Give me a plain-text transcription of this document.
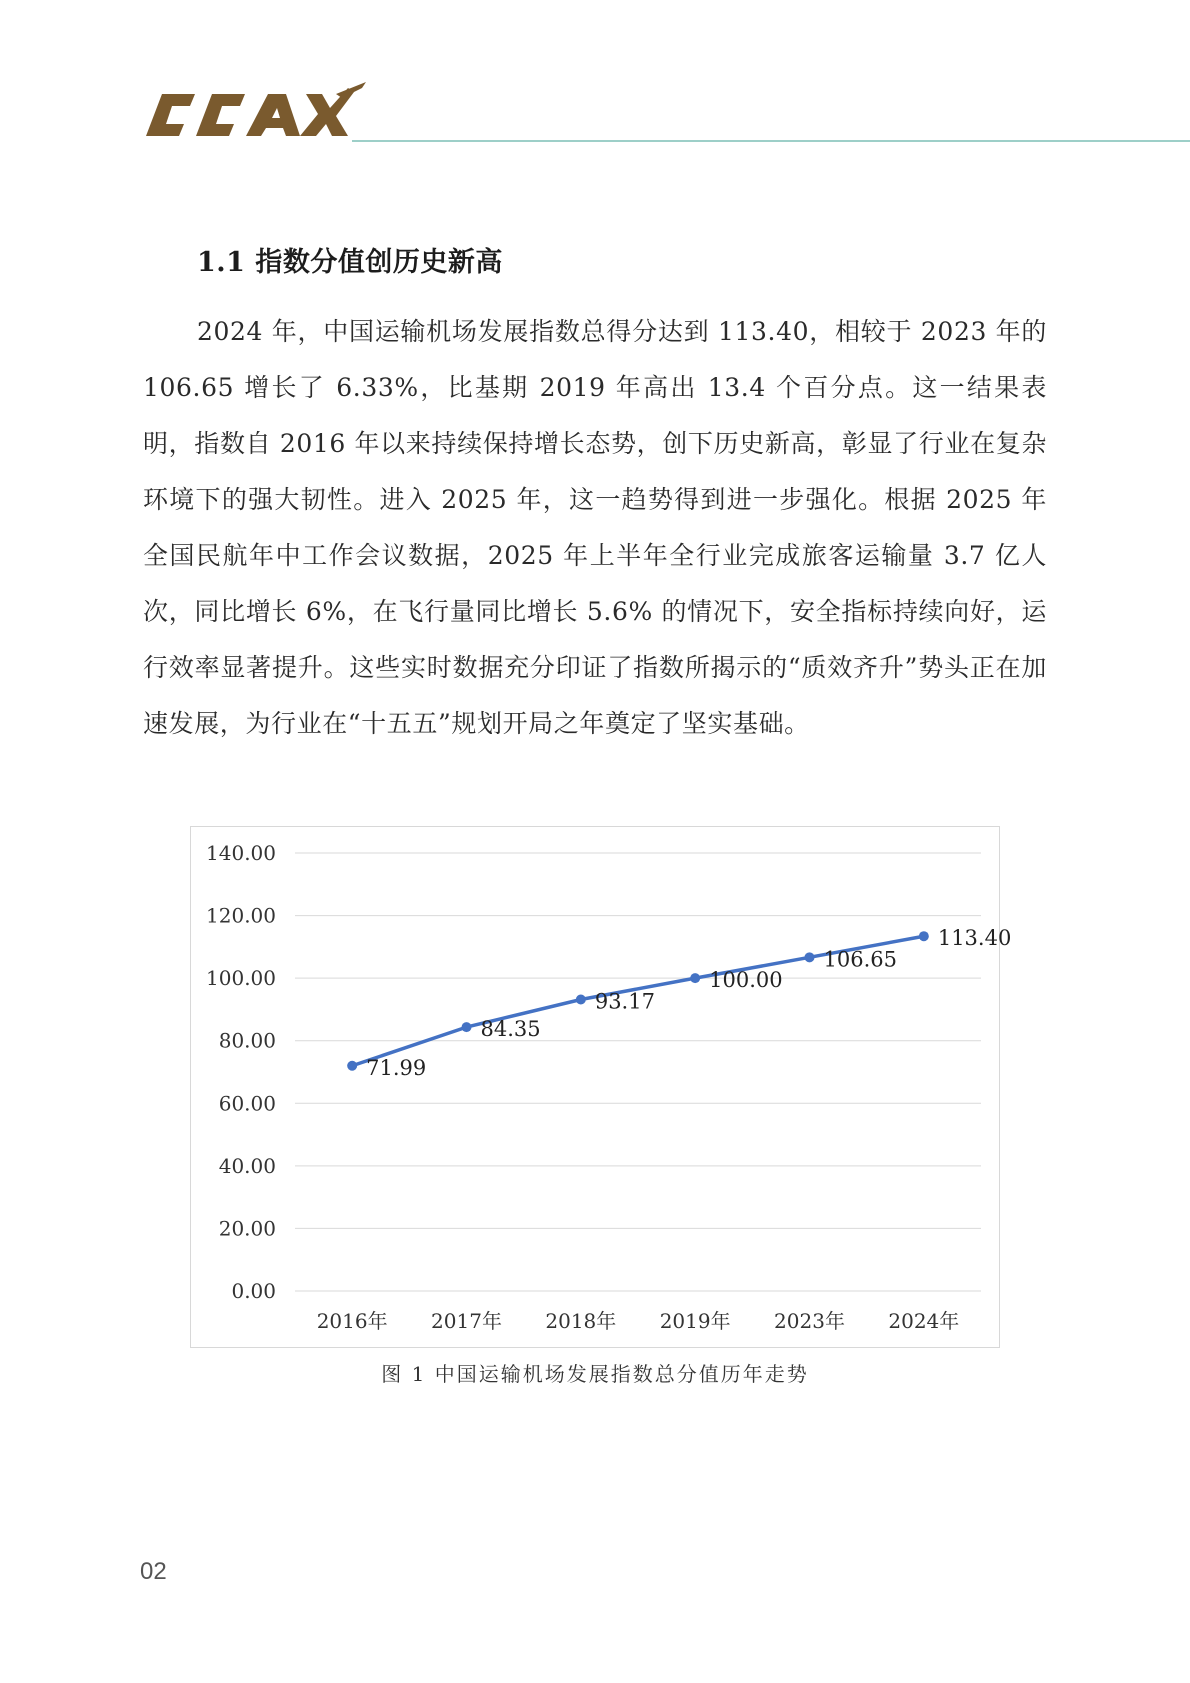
1.1 指数分值创历史新高

2024 年，中国运输机场发展指数总得分达到 113.40，相较于 2023 年的 106.65 增长了 6.33%，比基期 2019 年高出 13.4 个百分点。这一结果表明，指数自 2016 年以来持续保持增长态势，创下历史新高，彰显了行业在复杂环境下的强大韧性。进入 2025 年，这一趋势得到进一步强化。根据 2025 年全国民航年中工作会议数据，2025 年上半年全行业完成旅客运输量 3.7 亿人次，同比增长 6%，在飞行量同比增长 5.6% 的情况下，安全指标持续向好，运行效率显著提升。这些实时数据充分印证了指数所揭示的“质效齐升”势头正在加速发展，为行业在“十五五”规划开局之年奠定了坚实基础。

0.00
20.00
40.00
60.00
80.00
100.00
120.00
140.00
2016年 2017年 2018年 2019年 2023年 2024年
71.99
84.35
93.17
100.00
106.65
113.40
图 1 中国运输机场发展指数总分值历年走势
02
